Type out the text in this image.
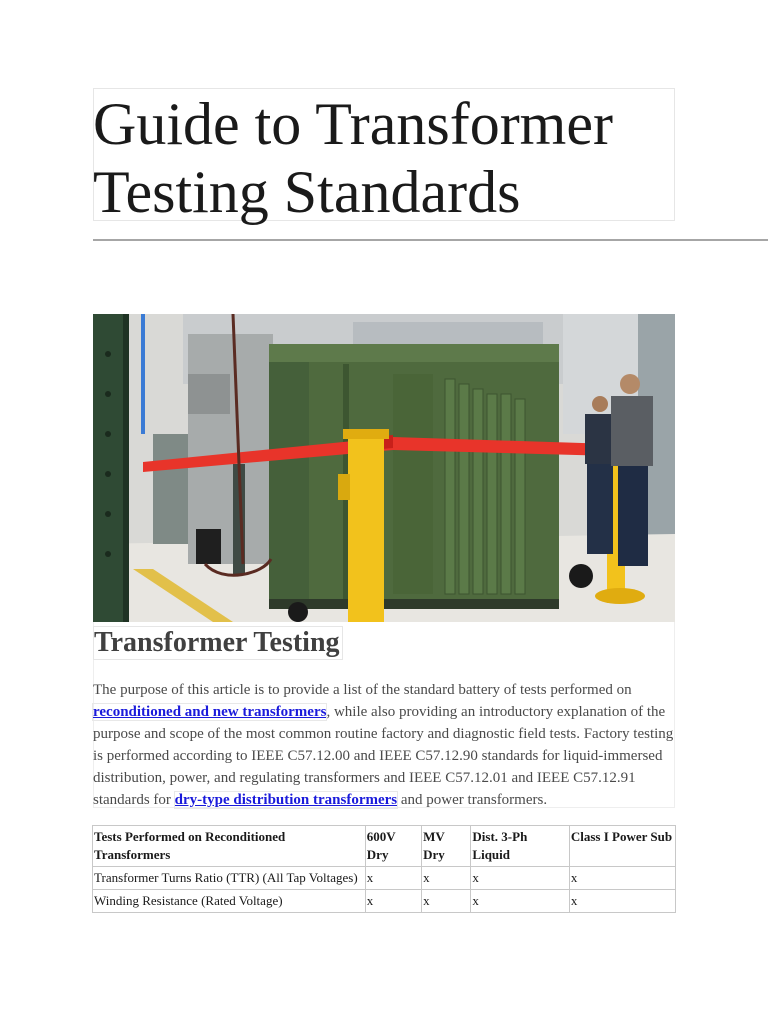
Guide to Transformer Testing Standards
Transformer Testing

The purpose of this article is to provide a list of the standard battery of tests performed on reconditioned and new transformers, while also providing an introductory explanation of the purpose and scope of the most common routine factory and diagnostic field tests. Factory testing is performed according to IEEE C57.12.00 and IEEE C57.12.90 standards for liquid-immersed distribution, power, and regulating transformers and IEEE C57.12.01 and IEEE C57.12.91 standards for dry-type distribution transformers and power transformers.

Tests Performed on Reconditioned Transformers	600V Dry	MV Dry	Dist. 3-Ph Liquid	Class I Power Sub
Transformer Turns Ratio (TTR) (All Tap Voltages)	x	x	x	x
Winding Resistance (Rated Voltage)	x	x	x	x
